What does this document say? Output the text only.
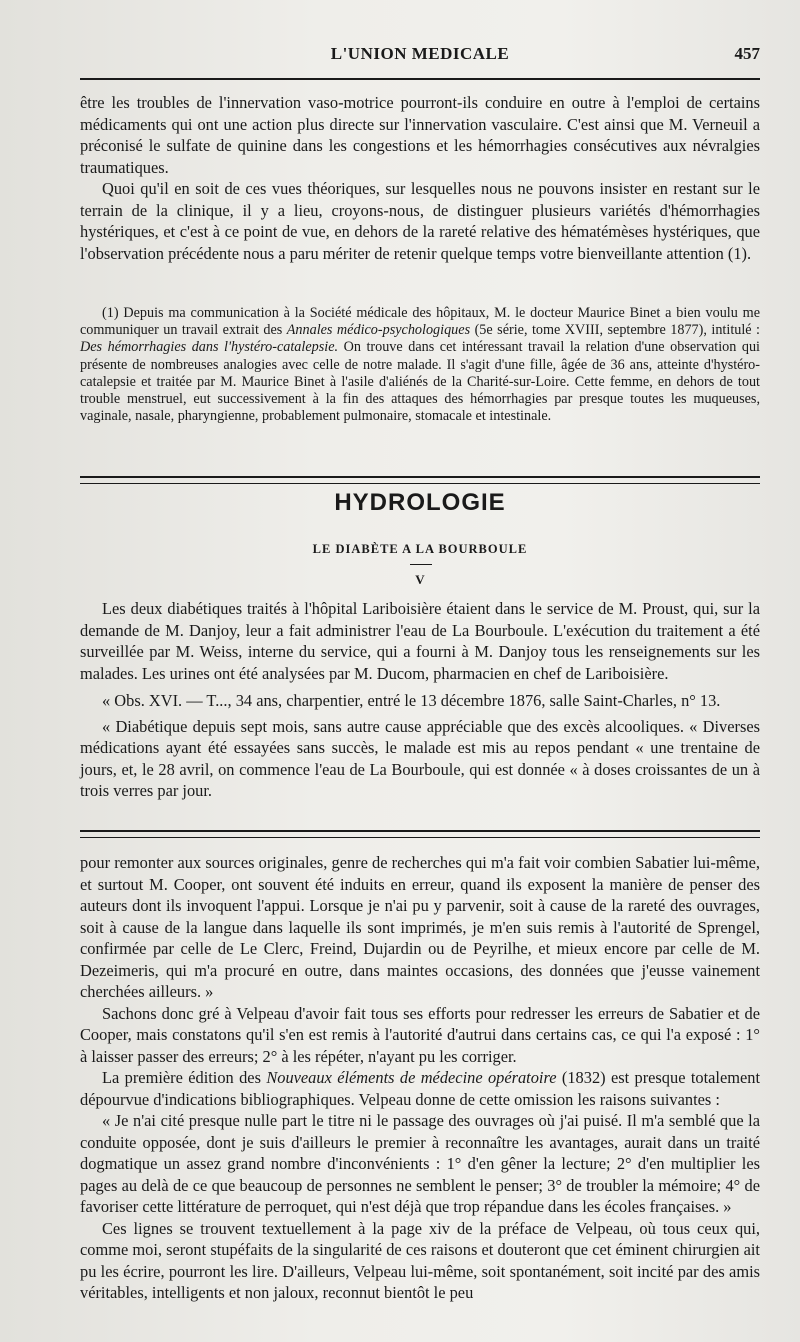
L'UNION MEDICALE	457

être les troubles de l'innervation vaso-motrice pourront-ils conduire en outre à l'emploi de certains médicaments qui ont une action plus directe sur l'innervation vasculaire. C'est ainsi que M. Verneuil a préconisé le sulfate de quinine dans les congestions et les hémorrhagies consécutives aux névralgies traumatiques.

Quoi qu'il en soit de ces vues théoriques, sur lesquelles nous ne pouvons insister en restant sur le terrain de la clinique, il y a lieu, croyons-nous, de distinguer plusieurs variétés d'hémorrhagies hystériques, et c'est à ce point de vue, en dehors de la rareté relative des hématémèses hystériques, que l'observation précédente nous a paru mériter de retenir quelque temps votre bienveillante attention (1).

(1) Depuis ma communication à la Société médicale des hôpitaux, M. le docteur Maurice Binet a bien voulu me communiquer un travail extrait des Annales médico-psychologiques (5e série, tome XVIII, septembre 1877), intitulé : Des hémorrhagies dans l'hystéro-catalepsie. On trouve dans cet intéressant travail la relation d'une observation qui présente de nombreuses analogies avec celle de notre malade. Il s'agit d'une fille, âgée de 36 ans, atteinte d'hystéro-catalepsie et traitée par M. Maurice Binet à l'asile d'aliénés de la Charité-sur-Loire. Cette femme, en dehors de tout trouble menstruel, eut successivement à la fin des attaques des hémorrhagies par presque toutes les muqueuses, vaginale, nasale, pharyngienne, probablement pulmonaire, stomacale et intestinale.

HYDROLOGIE
LE DIABÈTE A LA BOURBOULE
V

Les deux diabétiques traités à l'hôpital Lariboisière étaient dans le service de M. Proust, qui, sur la demande de M. Danjoy, leur a fait administrer l'eau de La Bourboule. L'exécution du traitement a été surveillée par M. Weiss, interne du service, qui a fourni à M. Danjoy tous les renseignements sur les malades. Les urines ont été analysées par M. Ducom, pharmacien en chef de Lariboisière.

« Obs. XVI. — T..., 34 ans, charpentier, entré le 13 décembre 1876, salle Saint-Charles, n° 13.

« Diabétique depuis sept mois, sans autre cause appréciable que des excès alcooliques. « Diverses médications ayant été essayées sans succès, le malade est mis au repos pendant « une trentaine de jours, et, le 28 avril, on commence l'eau de La Bourboule, qui est donnée « à doses croissantes de un à trois verres par jour.

pour remonter aux sources originales, genre de recherches qui m'a fait voir combien Sabatier lui-même, et surtout M. Cooper, ont souvent été induits en erreur, quand ils exposent la manière de penser des auteurs dont ils invoquent l'appui. Lorsque je n'ai pu y parvenir, soit à cause de la rareté des ouvrages, soit à cause de la langue dans laquelle ils sont imprimés, je m'en suis remis à l'autorité de Sprengel, confirmée par celle de Le Clerc, Freind, Dujardin ou de Peyrilhe, et mieux encore par celle de M. Dezeimeris, qui m'a procuré en outre, dans maintes occasions, des données que j'eusse vainement cherchées ailleurs. »

Sachons donc gré à Velpeau d'avoir fait tous ses efforts pour redresser les erreurs de Sabatier et de Cooper, mais constatons qu'il s'en est remis à l'autorité d'autrui dans certains cas, ce qui l'a exposé : 1° à laisser passer des erreurs; 2° à les répéter, n'ayant pu les corriger.

La première édition des Nouveaux éléments de médecine opératoire (1832) est presque totalement dépourvue d'indications bibliographiques. Velpeau donne de cette omission les raisons suivantes :

« Je n'ai cité presque nulle part le titre ni le passage des ouvrages où j'ai puisé. Il m'a semblé que la conduite opposée, dont je suis d'ailleurs le premier à reconnaître les avantages, aurait dans un traité dogmatique un assez grand nombre d'inconvénients : 1° d'en gêner la lecture; 2° d'en multiplier les pages au delà de ce que beaucoup de personnes ne semblent le penser; 3° de troubler la mémoire; 4° de favoriser cette littérature de perroquet, qui n'est déjà que trop répandue dans les écoles françaises. »

Ces lignes se trouvent textuellement à la page xiv de la préface de Velpeau, où tous ceux qui, comme moi, seront stupéfaits de la singularité de ces raisons et douteront que cet éminent chirurgien ait pu les écrire, pourront les lire. D'ailleurs, Velpeau lui-même, soit spontanément, soit incité par des amis véritables, intelligents et non jaloux, reconnut bientôt le peu
